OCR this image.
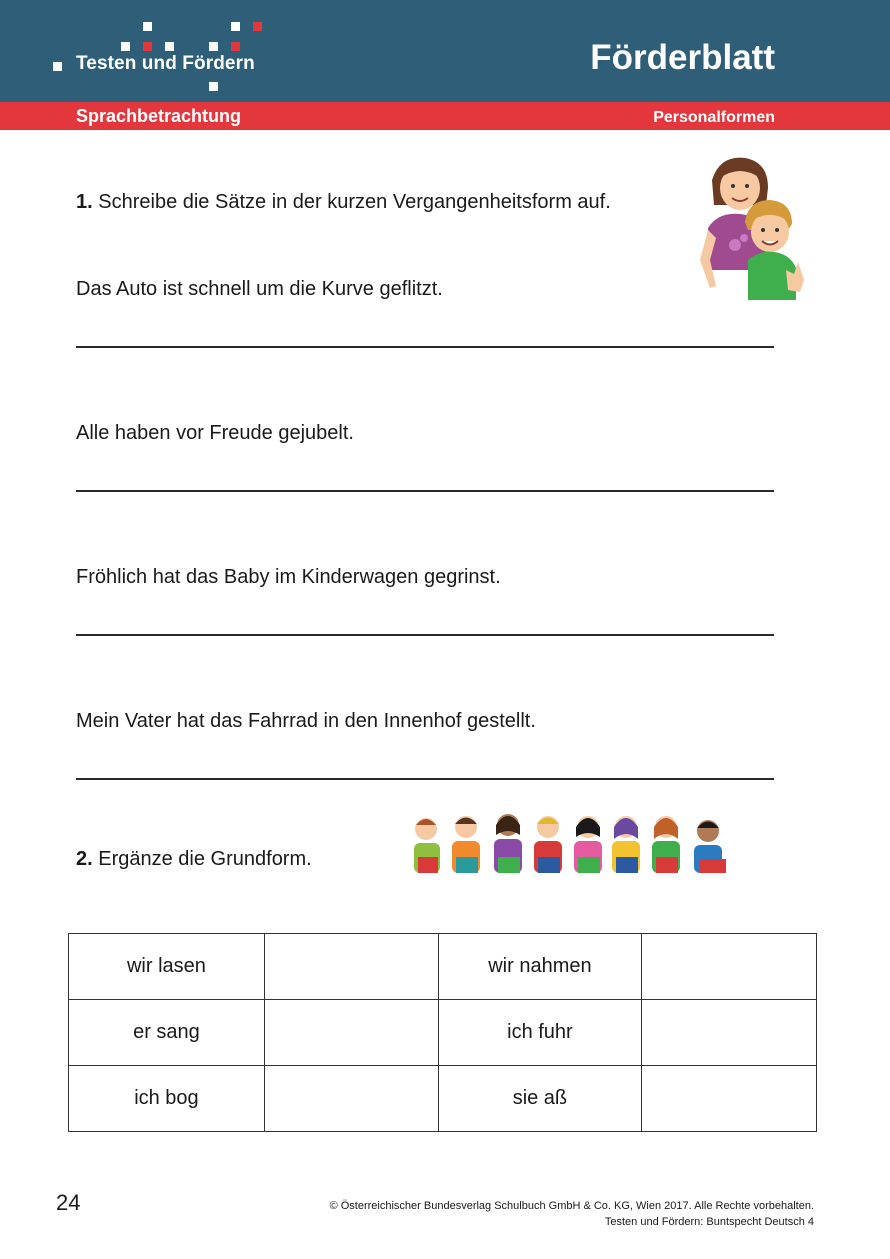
Testen und Fördern	Förderblatt
Sprachbetrachtung	Personalformen
1. Schreibe die Sätze in der kurzen Vergangenheitsform auf.
Das Auto ist schnell um die Kurve geflitzt.
Alle haben vor Freude gejubelt.
Fröhlich hat das Baby im Kinderwagen gegrinst.
Mein Vater hat das Fahrrad in den Innenhof gestellt.
2. Ergänze die Grundform.
wir lasen		wir nahmen	
er sang		ich fuhr	
ich bog		sie aß	
24	© Österreichischer Bundesverlag Schulbuch GmbH & Co. KG, Wien 2017. Alle Rechte vorbehalten.
Testen und Fördern: Buntspecht Deutsch 4
